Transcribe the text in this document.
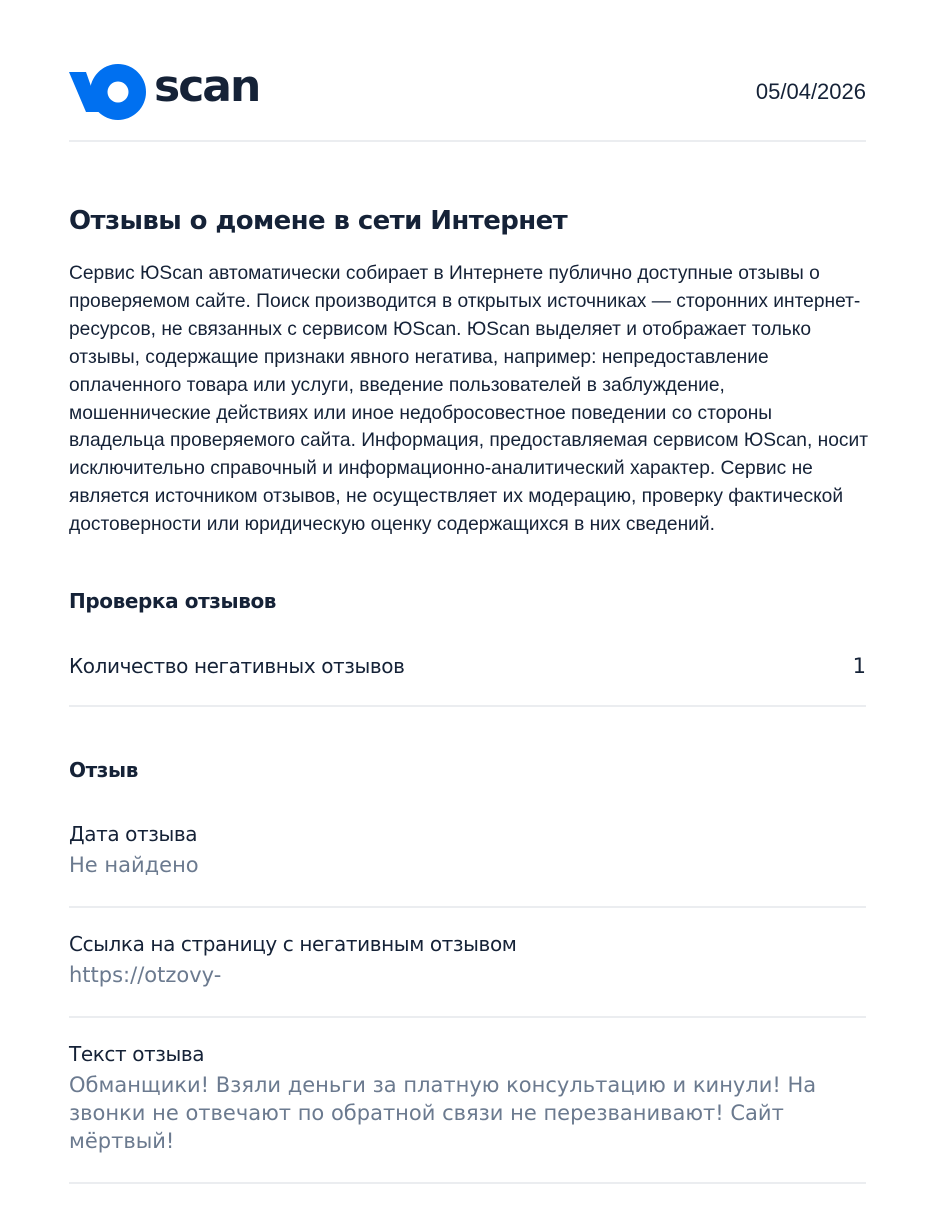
scan	05/04/2026
Отзывы о домене в сети Интернет

Сервис ЮScan автоматически собирает в Интернете публично доступные отзывы о проверяемом сайте. Поиск производится в открытых источниках — сторонних интернет-ресурсов, не связанных с сервисом ЮScan. ЮScan выделяет и отображает только отзывы, содержащие признаки явного негатива, например: непредоставление оплаченного товара или услуги, введение пользователей в заблуждение, мошеннические действиях или иное недобросовестное поведении со стороны владельца проверяемого сайта. Информация, предоставляемая сервисом ЮScan, носит исключительно справочный и информационно-аналитический характер. Сервис не является источником отзывов, не осуществляет их модерацию, проверку фактической достоверности или юридическую оценку содержащихся в них сведений.

Проверка отзывов
Количество негативных отзывов	1
Отзыв
Дата отзыва
Не найдено
Ссылка на страницу с негативным отзывом
https://otzovy-
Текст отзыва
Обманщики! Взяли деньги за платную консультацию и кинули! На звонки не отвечают по обратной связи не перезванивают! Сайт мёртвый!
